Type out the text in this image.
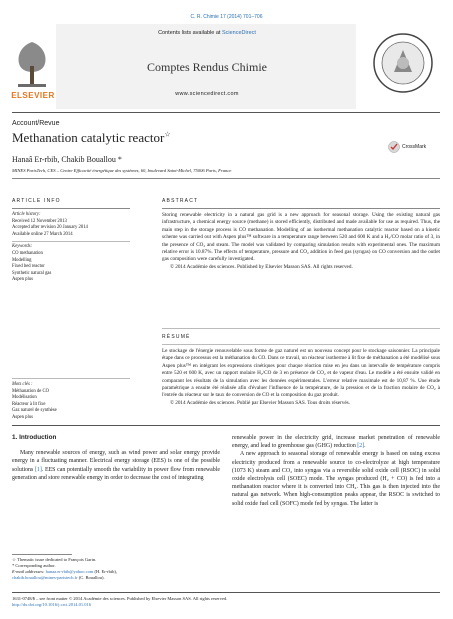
C. R. Chimie 17 (2014) 701–706
ELSEVIER
Contents lists available at ScienceDirect
Comptes Rendus Chimie
www.sciencedirect.com
Account/Revue
Methanation catalytic reactor☆
CrossMark
Hanaâ Er-rbib, Chakib Bouallou *
MINES ParisTech, CES – Centre Efficacité énergétique des systèmes, 60, boulevard Saint-Michel, 75006 Paris, France
ARTICLE INFO
Article history:
Received 12 November 2013
Accepted after revision 20 January 2014
Available online 27 March 2014
Keywords:
CO methanation
Modelling
Fixed bed reactor
Synthetic natural gas
Aspen plus
Mots clés :
Méthanation de CO
Modélisation
Réacteur à lit fixe
Gaz naturel de synthèse
Aspen plus
ABSTRACT

Storing renewable electricity in a natural gas grid is a new approach for seasonal storage. Using the existing natural gas infrastructure, a chemical energy source (methane) is stored efficiently, distributed and made available for use as required. Thus, the main step in the storage process is CO methanation. Modelling of an isothermal methanation catalytic reactor based on a kinetic scheme was carried out with Aspen plus™ software in a temperature range between 520 and 600 K and a H₂/CO molar ratio of 3, in the presence of CO₂ and steam. The model was validated by comparing simulation results with experimental ones. The maximum relative error is 10.87%. The effects of temperature, pressure and CO₂ addition in feed gas (syngas) on CO conversion and the outlet gas composition were carefully investigated.

© 2014 Académie des sciences. Published by Elsevier Masson SAS. All rights reserved.

RÉSUMÉ

Le stockage de l'énergie renouvelable sous forme de gaz naturel est un nouveau concept pour le stockage saisonnier. La principale étape dans ce processus est la méthanation du CO. Dans ce travail, un réacteur isotherme à lit fixe de méthanation a été modélisé sous Aspen plus™ en intégrant les expressions cinétiques pour chaque réaction mise en jeu dans un intervalle de température compris entre 520 et 600 K, avec un rapport molaire H₂/CO de 3 en présence de CO₂ et de vapeur d'eau. Le modèle a été ensuite validé en comparant les résultats de la simulation avec les données expérimentales. L'erreur relative maximale est de 10,87 %. Une étude paramétrique a ensuite été réalisée afin d'évaluer l'influence de la température, de la pression et de la fraction molaire de CO₂ à l'entrée du réacteur sur le taux de conversion de CO et la composition du gaz produit.

© 2014 Académie des sciences. Publié par Elsevier Masson SAS. Tous droits réservés.

1. Introduction

Many renewable sources of energy, such as wind power and solar energy provide energy in a fluctuating manner. Electrical energy storage (EES) is one of the possible solutions [1]. EES can potentially smooth the variability in power flow from renewable generation and store renewable energy in order to decrease the cost of integrating

renewable power in the electricity grid, increase market penetration of renewable energy, and lead to greenhouse gas (GHG) reduction [2].

A new approach to seasonal storage of renewable energy is based on using excess electricity produced from a renewable source to co-electrolyze at high temperature (1073 K) steam and CO₂ into syngas via a reversible solid oxide cell (RSOC) in solid oxide electrolysis cell (SOEC) mode. The syngas produced (H₂ + CO) is fed into a methanation reactor where it is converted into CH₄. This gas is then injected into the natural gas network. When high-consumption peaks appear, the RSOC is switched to solid oxide fuel cell (SOFC) mode fed by syngas. The latter is

☆ Thematic issue dedicated to François Garin.
* Corresponding author.
E-mail addresses: hanaa.er-rbib@yahoo.com (H. Er-rbib),
chakib.bouallou@mines-paristech.fr (C. Bouallou).
1631-0748/$ – see front matter © 2014 Académie des sciences. Published by Elsevier Masson SAS. All rights reserved.
http://dx.doi.org/10.1016/j.crci.2014.01.016
